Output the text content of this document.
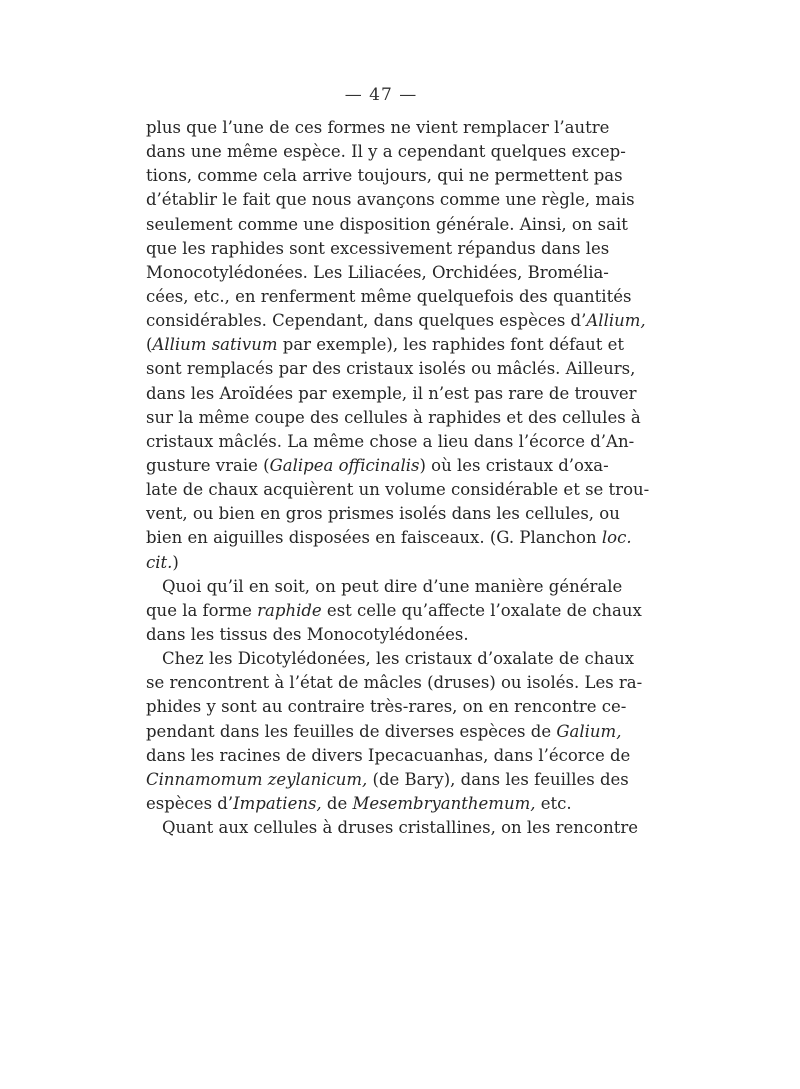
— 47 —
plus que l’une de ces formes ne vient remplacer l’autre
dans une même espèce. Il y a cependant quelques excep-
tions, comme cela arrive toujours, qui ne permettent pas
d’établir le fait que nous avançons comme une règle, mais
seulement comme une disposition générale. Ainsi, on sait
que les raphides sont excessivement répandus dans les
Monocotylédonées. Les Liliacées, Orchidées, Bromélia-
cées, etc., en renferment même quelquefois des quantités
considérables. Cependant, dans quelques espèces d’Allium,
(Allium sativum par exemple), les raphides font défaut et
sont remplacés par des cristaux isolés ou mâclés. Ailleurs,
dans les Aroïdées par exemple, il n’est pas rare de trouver
sur la même coupe des cellules à raphides et des cellules à
cristaux mâclés. La même chose a lieu dans l’écorce d’An-
gusture vraie (Galipea officinalis) où les cristaux d’oxa-
late de chaux acquièrent un volume considérable et se trou-
vent, ou bien en gros prismes isolés dans les cellules, ou
bien en aiguilles disposées en faisceaux. (G. Planchon loc.
cit.)
Quoi qu’il en soit, on peut dire d’une manière générale
que la forme raphide est celle qu’affecte l’oxalate de chaux
dans les tissus des Monocotylédonées.
Chez les Dicotylédonées, les cristaux d’oxalate de chaux
se rencontrent à l’état de mâcles (druses) ou isolés. Les ra-
phides y sont au contraire très-rares, on en rencontre ce-
pendant dans les feuilles de diverses espèces de Galium,
dans les racines de divers Ipecacuanhas, dans l’écorce de
Cinnamomum zeylanicum, (de Bary), dans les feuilles des
espèces d’Impatiens, de Mesembryanthemum, etc.
Quant aux cellules à druses cristallines, on les rencontre
